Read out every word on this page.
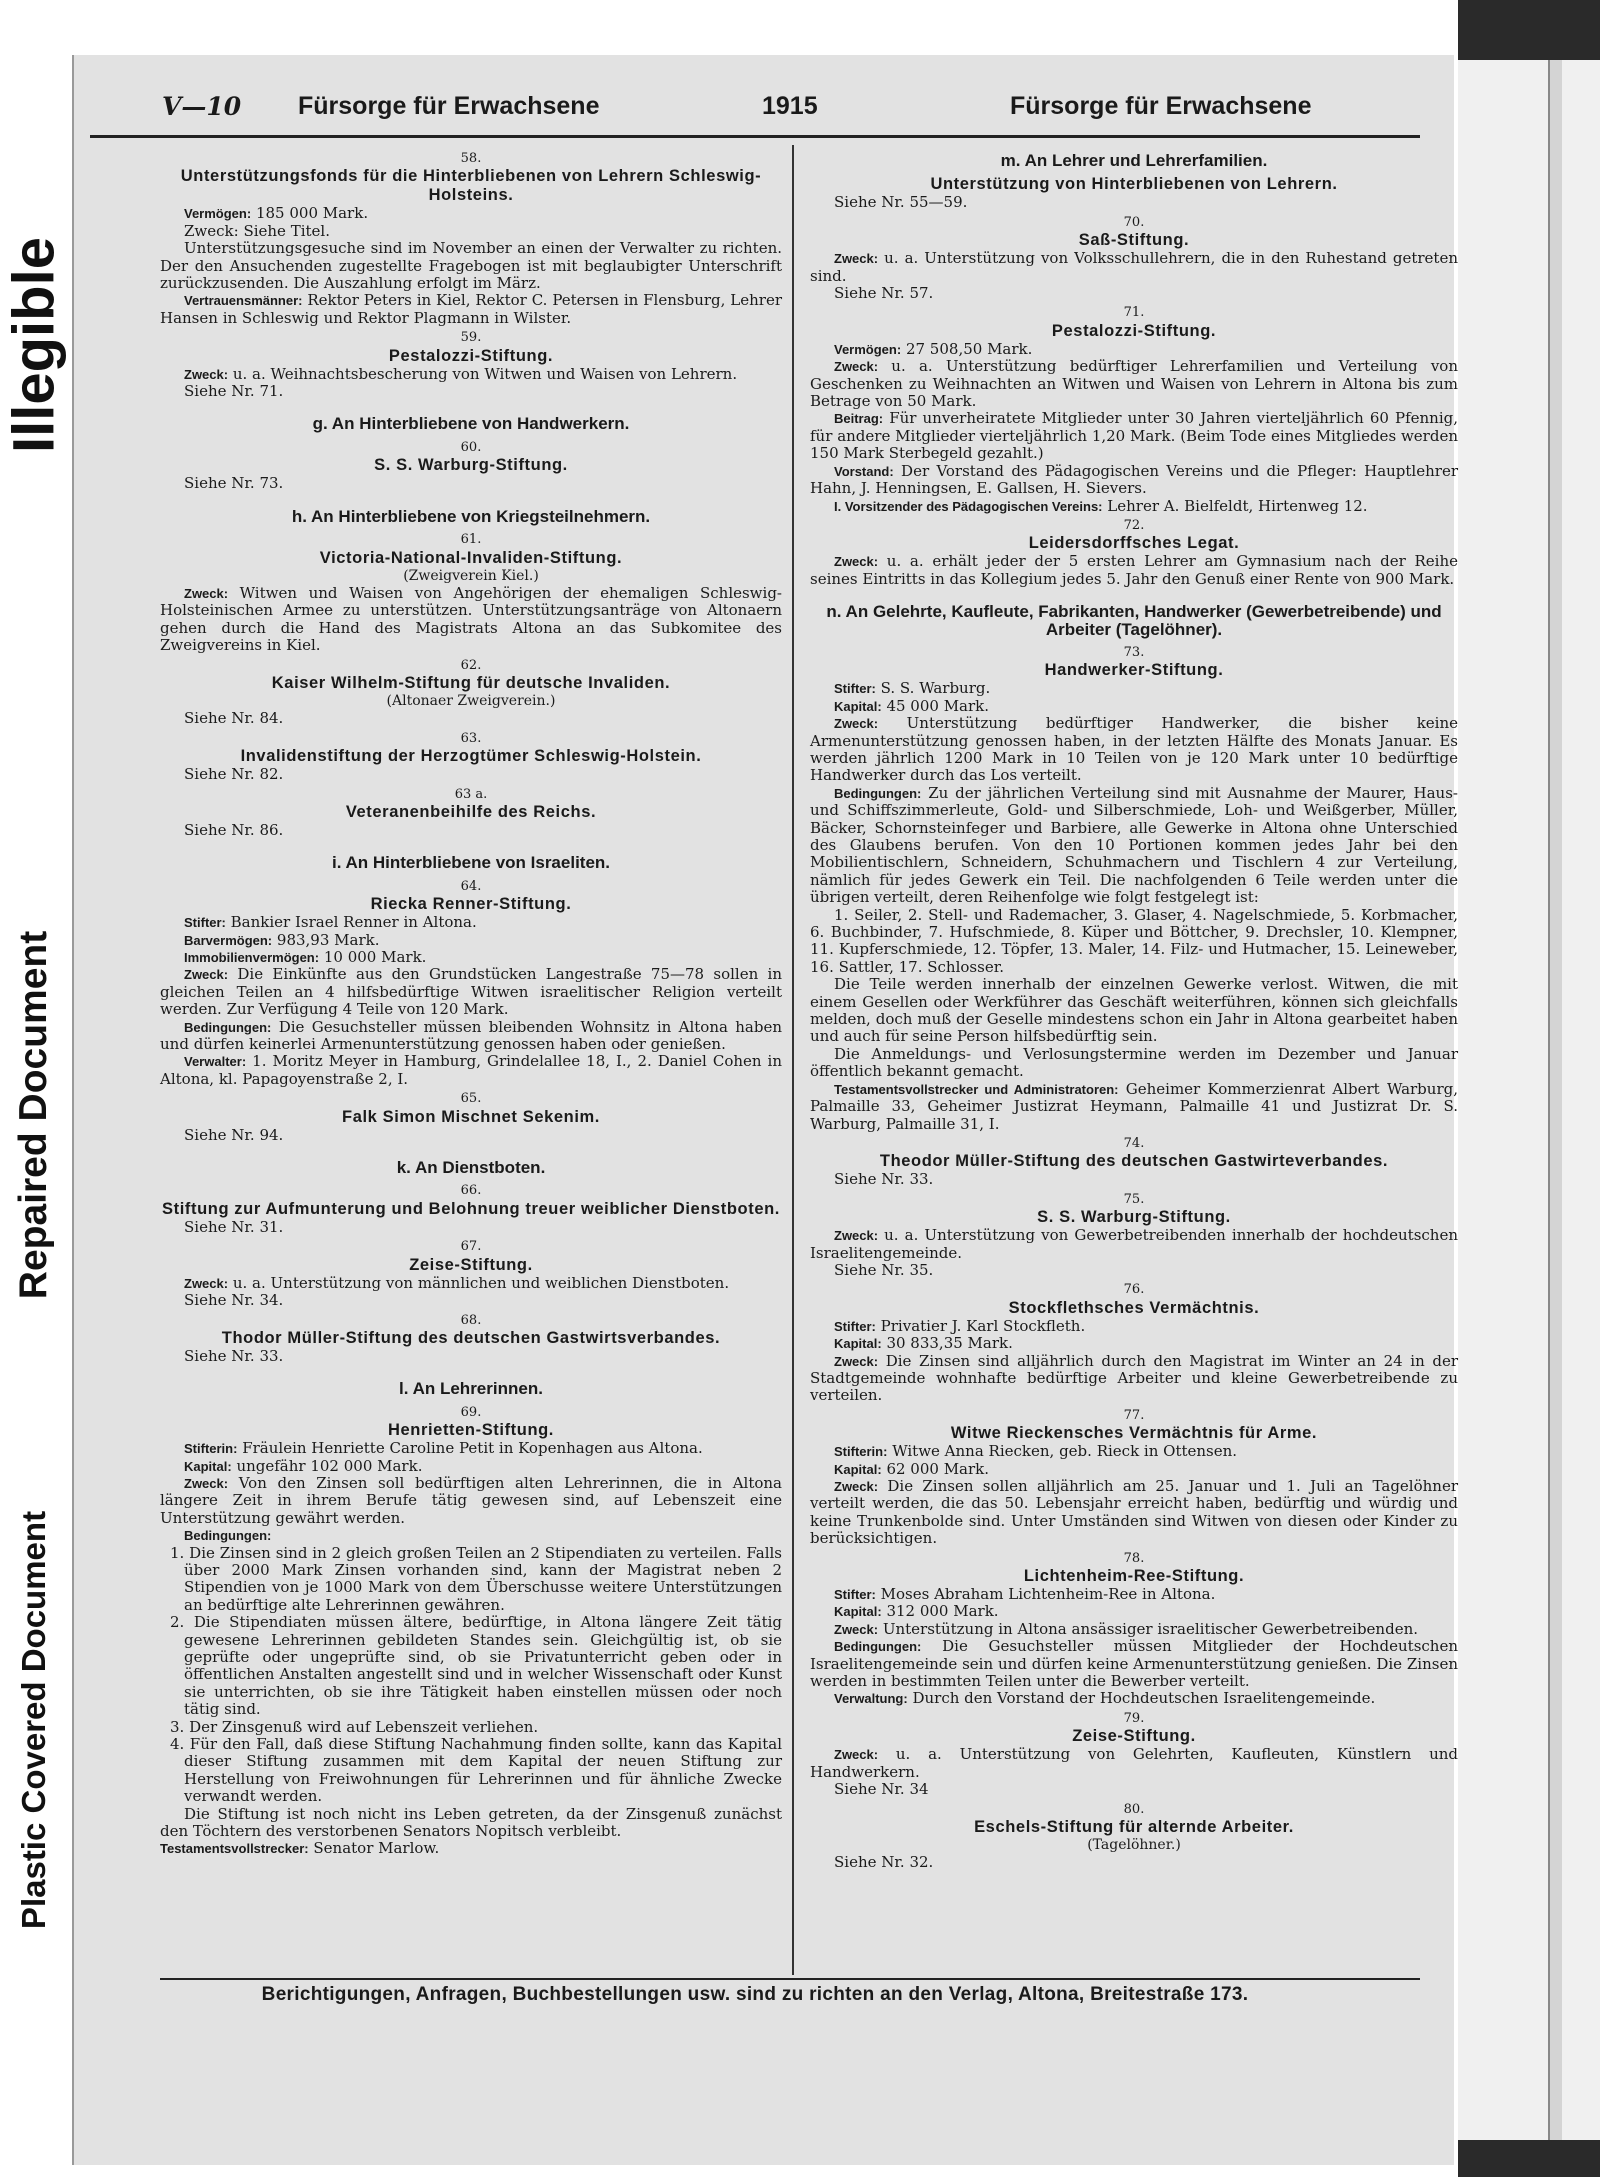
Plastic Covered Document
Repaired Document
Illegible
V—10 Fürsorge für Erwachsene	1915	Fürsorge für Erwachsene
58.
Unterstützungsfonds für die Hinterbliebenen von Lehrern Schleswig-Holsteins.

Vermögen: 185 000 Mark.

Zweck: Siehe Titel.

Unterstützungsgesuche sind im November an einen der Verwalter zu richten. Der den Ansuchenden zugestellte Fragebogen ist mit beglaubigter Unterschrift zurückzusenden. Die Auszahlung erfolgt im März.

Vertrauensmänner: Rektor Peters in Kiel, Rektor C. Petersen in Flensburg, Lehrer Hansen in Schleswig und Rektor Plagmann in Wilster.

59.
Pestalozzi-Stiftung.

Zweck: u. a. Weihnachtsbescherung von Witwen und Waisen von Lehrern.

Siehe Nr. 71.
g. An Hinterbliebene von Handwerkern.
60.
S. S. Warburg-Stiftung.
Siehe Nr. 73.
h. An Hinterbliebene von Kriegsteilnehmern.
61.
Victoria-National-Invaliden-Stiftung.
(Zweigverein Kiel.)

Zweck: Witwen und Waisen von Angehörigen der ehemaligen Schleswig-Holsteinischen Armee zu unterstützen. Unterstützungsanträge von Altonaern gehen durch die Hand des Magistrats Altona an das Subkomitee des Zweigvereins in Kiel.

62.
Kaiser Wilhelm-Stiftung für deutsche Invaliden.
(Altonaer Zweigverein.)
Siehe Nr. 84.
63.
Invalidenstiftung der Herzogtümer Schleswig-Holstein.
Siehe Nr. 82.
63 a.
Veteranenbeihilfe des Reichs.
Siehe Nr. 86.
i. An Hinterbliebene von Israeliten.
64.
Riecka Renner-Stiftung.

Stifter: Bankier Israel Renner in Altona.

Barvermögen: 983,93 Mark.

Immobilienvermögen: 10 000 Mark.

Zweck: Die Einkünfte aus den Grundstücken Langestraße 75—78 sollen in gleichen Teilen an 4 hilfsbedürftige Witwen israelitischer Religion verteilt werden. Zur Verfügung 4 Teile von 120 Mark.

Bedingungen: Die Gesuchsteller müssen bleibenden Wohnsitz in Altona haben und dürfen keinerlei Armenunterstützung genossen haben oder genießen.

Verwalter: 1. Moritz Meyer in Hamburg, Grindelallee 18, I., 2. Daniel Cohen in Altona, kl. Papagoyenstraße 2, I.

65.
Falk Simon Mischnet Sekenim.
Siehe Nr. 94.
k. An Dienstboten.
66.
Stiftung zur Aufmunterung und Belohnung treuer weiblicher Dienstboten.
Siehe Nr. 31.
67.
Zeise-Stiftung.

Zweck: u. a. Unterstützung von männlichen und weiblichen Dienstboten.

Siehe Nr. 34.
68.
Thodor Müller-Stiftung des deutschen Gastwirtsverbandes.
Siehe Nr. 33.
l. An Lehrerinnen.
69.
Henrietten-Stiftung.

Stifterin: Fräulein Henriette Caroline Petit in Kopenhagen aus Altona.

Kapital: ungefähr 102 000 Mark.

Zweck: Von den Zinsen soll bedürftigen alten Lehrerinnen, die in Altona längere Zeit in ihrem Berufe tätig gewesen sind, auf Lebenszeit eine Unterstützung gewährt werden.

Bedingungen:

1. Die Zinsen sind in 2 gleich großen Teilen an 2 Stipendiaten zu verteilen. Falls über 2000 Mark Zinsen vorhanden sind, kann der Magistrat neben 2 Stipendien von je 1000 Mark von dem Überschusse weitere Unterstützungen an bedürftige alte Lehrerinnen gewähren.
2. Die Stipendiaten müssen ältere, bedürftige, in Altona längere Zeit tätig gewesene Lehrerinnen gebildeten Standes sein. Gleichgültig ist, ob sie geprüfte oder ungeprüfte sind, ob sie Privatunterricht geben oder in öffentlichen Anstalten angestellt sind und in welcher Wissenschaft oder Kunst sie unterrichten, ob sie ihre Tätigkeit haben einstellen müssen oder noch tätig sind.
3. Der Zinsgenuß wird auf Lebenszeit verliehen.
4. Für den Fall, daß diese Stiftung Nachahmung finden sollte, kann das Kapital dieser Stiftung zusammen mit dem Kapital der neuen Stiftung zur Herstellung von Freiwohnungen für Lehrerinnen und für ähnliche Zwecke verwandt werden.

Die Stiftung ist noch nicht ins Leben getreten, da der Zinsgenuß zunächst den Töchtern des verstorbenen Senators Nopitsch verbleibt.

Testamentsvollstrecker: Senator Marlow.

m. An Lehrer und Lehrerfamilien.
Unterstützung von Hinterbliebenen von Lehrern.
Siehe Nr. 55—59.
70.
Saß-Stiftung.

Zweck: u. a. Unterstützung von Volksschullehrern, die in den Ruhestand getreten sind.

Siehe Nr. 57.
71.
Pestalozzi-Stiftung.

Vermögen: 27 508,50 Mark.

Zweck: u. a. Unterstützung bedürftiger Lehrerfamilien und Verteilung von Geschenken zu Weihnachten an Witwen und Waisen von Lehrern in Altona bis zum Betrage von 50 Mark.

Beitrag: Für unverheiratete Mitglieder unter 30 Jahren vierteljährlich 60 Pfennig, für andere Mitglieder vierteljährlich 1,20 Mark. (Beim Tode eines Mitgliedes werden 150 Mark Sterbegeld gezahlt.)

Vorstand: Der Vorstand des Pädagogischen Vereins und die Pfleger: Hauptlehrer Hahn, J. Henningsen, E. Gallsen, H. Sievers.

I. Vorsitzender des Pädagogischen Vereins: Lehrer A. Bielfeldt, Hirtenweg 12.

72.
Leidersdorffsches Legat.

Zweck: u. a. erhält jeder der 5 ersten Lehrer am Gymnasium nach der Reihe seines Eintritts in das Kollegium jedes 5. Jahr den Genuß einer Rente von 900 Mark.

n. An Gelehrte, Kaufleute, Fabrikanten, Handwerker (Gewerbetreibende) und Arbeiter (Tagelöhner).
73.
Handwerker-Stiftung.

Stifter: S. S. Warburg.

Kapital: 45 000 Mark.

Zweck: Unterstützung bedürftiger Handwerker, die bisher keine Armenunterstützung genossen haben, in der letzten Hälfte des Monats Januar. Es werden jährlich 1200 Mark in 10 Teilen von je 120 Mark unter 10 bedürftige Handwerker durch das Los verteilt.

Bedingungen: Zu der jährlichen Verteilung sind mit Ausnahme der Maurer, Haus- und Schiffszimmerleute, Gold- und Silberschmiede, Loh- und Weißgerber, Müller, Bäcker, Schornsteinfeger und Barbiere, alle Gewerke in Altona ohne Unterschied des Glaubens berufen. Von den 10 Portionen kommen jedes Jahr bei den Mobilientischlern, Schneidern, Schuhmachern und Tischlern 4 zur Verteilung, nämlich für jedes Gewerk ein Teil. Die nachfolgenden 6 Teile werden unter die übrigen verteilt, deren Reihenfolge wie folgt festgelegt ist:

1. Seiler, 2. Stell- und Rademacher, 3. Glaser, 4. Nagelschmiede, 5. Korbmacher, 6. Buchbinder, 7. Hufschmiede, 8. Küper und Böttcher, 9. Drechsler, 10. Klempner, 11. Kupferschmiede, 12. Töpfer, 13. Maler, 14. Filz- und Hutmacher, 15. Leineweber, 16. Sattler, 17. Schlosser.

Die Teile werden innerhalb der einzelnen Gewerke verlost. Witwen, die mit einem Gesellen oder Werkführer das Geschäft weiterführen, können sich gleichfalls melden, doch muß der Geselle mindestens schon ein Jahr in Altona gearbeitet haben und auch für seine Person hilfsbedürftig sein.

Die Anmeldungs- und Verlosungstermine werden im Dezember und Januar öffentlich bekannt gemacht.

Testamentsvollstrecker und Administratoren: Geheimer Kommerzienrat Albert Warburg, Palmaille 33, Geheimer Justizrat Heymann, Palmaille 41 und Justizrat Dr. S. Warburg, Palmaille 31, I.

74.
Theodor Müller-Stiftung des deutschen Gastwirteverbandes.
Siehe Nr. 33.
75.
S. S. Warburg-Stiftung.

Zweck: u. a. Unterstützung von Gewerbetreibenden innerhalb der hochdeutschen Israelitengemeinde.

Siehe Nr. 35.
76.
Stockflethsches Vermächtnis.

Stifter: Privatier J. Karl Stockfleth.

Kapital: 30 833,35 Mark.

Zweck: Die Zinsen sind alljährlich durch den Magistrat im Winter an 24 in der Stadtgemeinde wohnhafte bedürftige Arbeiter und kleine Gewerbetreibende zu verteilen.

77.
Witwe Rieckensches Vermächtnis für Arme.

Stifterin: Witwe Anna Riecken, geb. Rieck in Ottensen.

Kapital: 62 000 Mark.

Zweck: Die Zinsen sollen alljährlich am 25. Januar und 1. Juli an Tagelöhner verteilt werden, die das 50. Lebensjahr erreicht haben, bedürftig und würdig und keine Trunkenbolde sind. Unter Umständen sind Witwen von diesen oder Kinder zu berücksichtigen.

78.
Lichtenheim-Ree-Stiftung.

Stifter: Moses Abraham Lichtenheim-Ree in Altona.

Kapital: 312 000 Mark.

Zweck: Unterstützung in Altona ansässiger israelitischer Gewerbetreibenden.

Bedingungen: Die Gesuchsteller müssen Mitglieder der Hochdeutschen Israelitengemeinde sein und dürfen keine Armenunterstützung genießen. Die Zinsen werden in bestimmten Teilen unter die Bewerber verteilt.

Verwaltung: Durch den Vorstand der Hochdeutschen Israelitengemeinde.

79.
Zeise-Stiftung.

Zweck: u. a. Unterstützung von Gelehrten, Kaufleuten, Künstlern und Handwerkern.

Siehe Nr. 34
80.
Eschels-Stiftung für alternde Arbeiter.
(Tagelöhner.)
Siehe Nr. 32.
Berichtigungen, Anfragen, Buchbestellungen usw. sind zu richten an den Verlag, Altona, Breitestraße 173.
